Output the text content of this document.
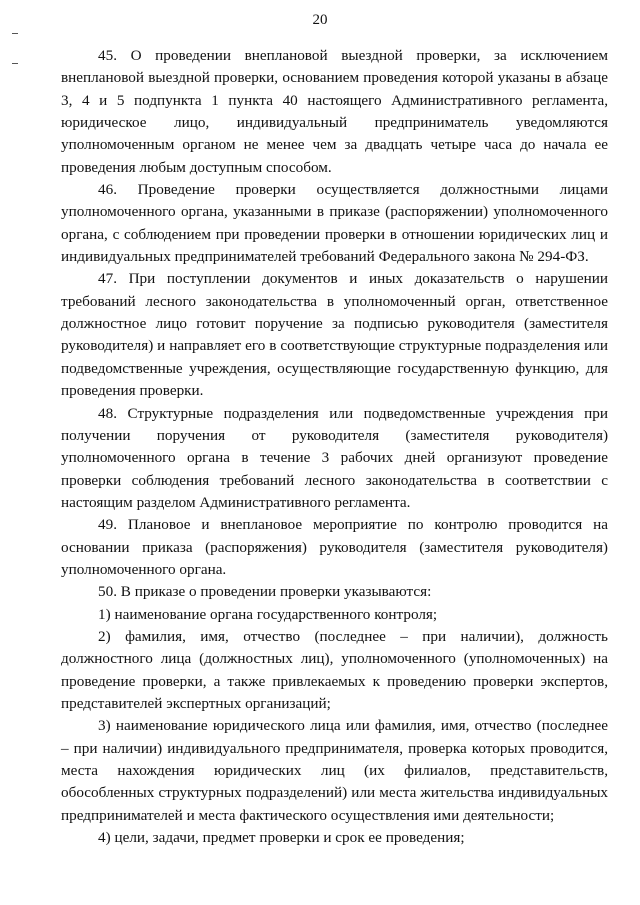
20

45. О проведении внеплановой выездной проверки, за исключением внеплановой выездной проверки, основанием проведения которой указаны в абзаце 3, 4 и 5 подпункта 1 пункта 40 настоящего Административного регламента, юридическое лицо, индивидуальный предприниматель уведомляются уполномоченным органом не менее чем за двадцать четыре часа до начала ее проведения любым доступным способом.

46. Проведение проверки осуществляется должностными лицами уполномоченного органа, указанными в приказе (распоряжении) уполномоченного органа, с соблюдением при проведении проверки в отношении юридических лиц и индивидуальных предпринимателей требований Федерального закона № 294-ФЗ.

47. При поступлении документов и иных доказательств о нарушении требований лесного законодательства в уполномоченный орган, ответственное должностное лицо готовит поручение за подписью руководителя (заместителя руководителя) и направляет его в соответствующие структурные подразделения или подведомственные учреждения, осуществляющие государственную функцию, для проведения проверки.

48. Структурные подразделения или подведомственные учреждения при получении поручения от руководителя (заместителя руководителя) уполномоченного органа в течение 3 рабочих дней организуют проведение проверки соблюдения требований лесного законодательства в соответствии с настоящим разделом Административного регламента.

49. Плановое и внеплановое мероприятие по контролю проводится на основании приказа (распоряжения) руководителя (заместителя руководителя) уполномоченного органа.

50. В приказе о проведении проверки указываются:

1) наименование органа государственного контроля;

2) фамилия, имя, отчество (последнее – при наличии), должность должностного лица (должностных лиц), уполномоченного (уполномоченных) на проведение проверки, а также привлекаемых к проведению проверки экспертов, представителей экспертных организаций;

3) наименование юридического лица или фамилия, имя, отчество (последнее – при наличии) индивидуального предпринимателя, проверка которых проводится, места нахождения юридических лиц (их филиалов, представительств, обособленных структурных подразделений) или места жительства индивидуальных предпринимателей и места фактического осуществления ими деятельности;

4) цели, задачи, предмет проверки и срок ее проведения;
